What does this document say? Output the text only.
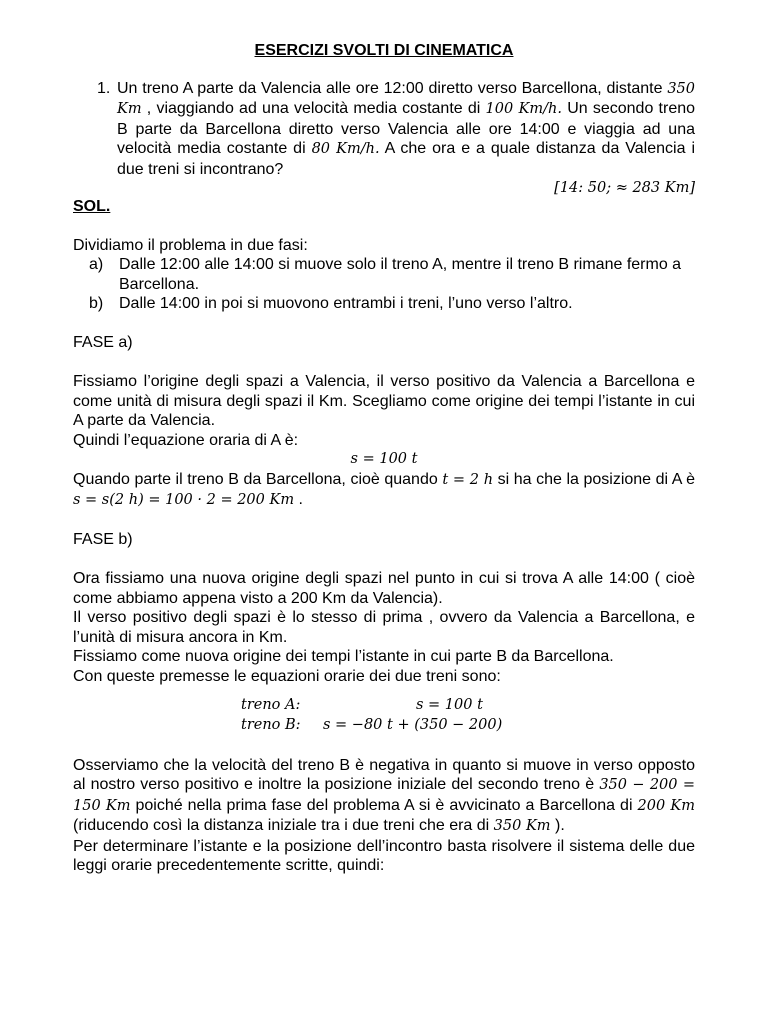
ESERCIZI SVOLTI DI CINEMATICA
1. Un treno A parte da Valencia alle ore 12:00 diretto verso Barcellona, distante 350 Km , viaggiando ad una velocità media costante di 100 Km/h. Un secondo treno B parte da Barcellona diretto verso Valencia alle ore 14:00 e viaggia ad una velocità media costante di 80 Km/h. A che ora e a quale distanza da Valencia i due treni si incontrano?
[14: 50; ≈ 283 Km]
SOL.
Dividiamo il problema in due fasi:
a) Dalle 12:00 alle 14:00 si muove solo il treno A, mentre il treno B rimane fermo a Barcellona.
b) Dalle 14:00 in poi si muovono entrambi i treni, l’uno verso l’altro.
FASE a)
Fissiamo l’origine degli spazi a Valencia, il verso positivo da Valencia a Barcellona e come unità di misura degli spazi il Km. Scegliamo come origine dei tempi l’istante in cui A parte da Valencia.
Quindi l’equazione oraria di A è:
s = 100 t
Quando parte il treno B da Barcellona, cioè quando t = 2 h si ha che la posizione di A è s = s(2 h) = 100 · 2 = 200 Km .
FASE b)
Ora fissiamo una nuova origine degli spazi nel punto in cui si trova A alle 14:00 ( cioè come abbiamo appena visto a 200 Km da Valencia).
Il verso positivo degli spazi è lo stesso di prima , ovvero da Valencia a Barcellona, e l’unità di misura ancora in Km.
Fissiamo come nuova origine dei tempi l’istante in cui parte B da Barcellona.
Con queste premesse le equazioni orarie dei due treni sono:
treno A:	s = 100 t
treno B:	s = −80 t + (350 − 200)
Osserviamo che la velocità del treno B è negativa in quanto si muove in verso opposto al nostro verso positivo e inoltre la posizione iniziale del secondo treno è 350 − 200 = 150 Km poiché nella prima fase del problema A si è avvicinato a Barcellona di 200 Km (riducendo così la distanza iniziale tra i due treni che era di 350 Km ).
Per determinare l’istante e la posizione dell’incontro basta risolvere il sistema delle due leggi orarie precedentemente scritte, quindi:
